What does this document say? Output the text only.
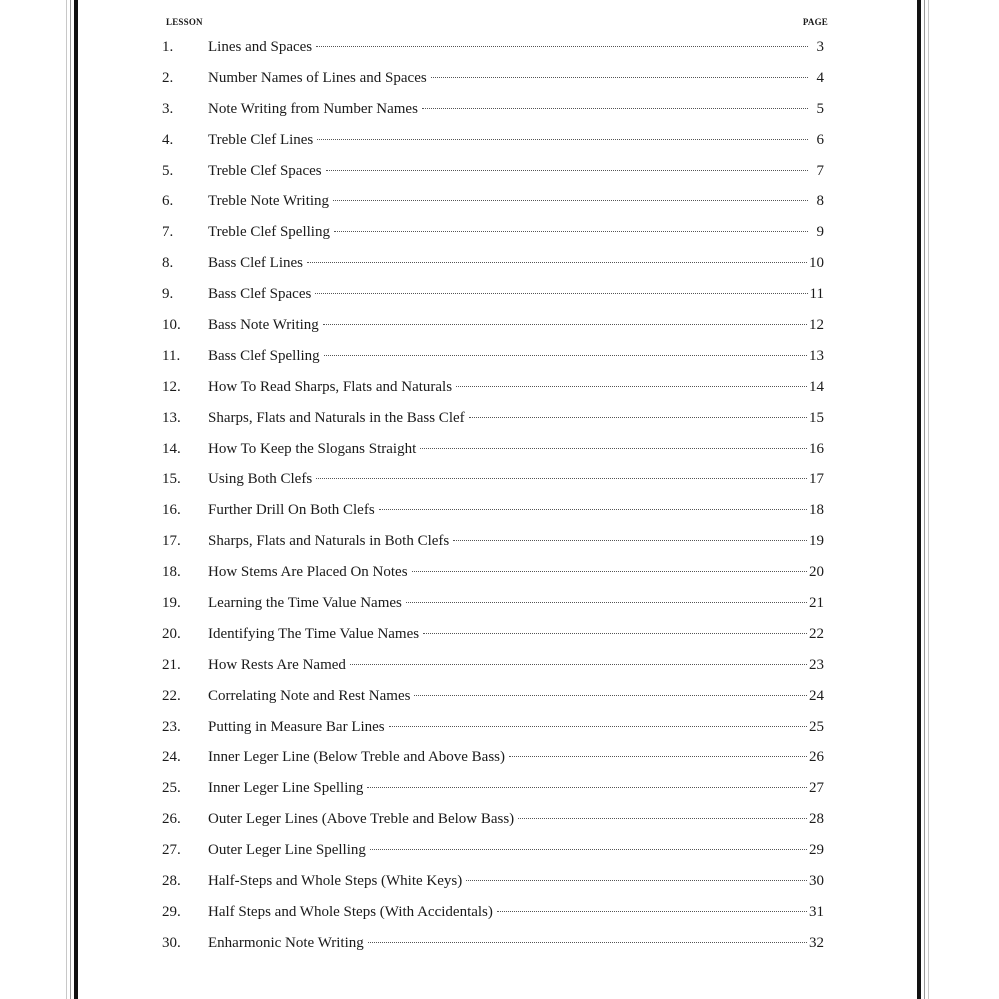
LESSON	PAGE
1.	Lines and Spaces	3
2.	Number Names of Lines and Spaces	4
3.	Note Writing from Number Names	5
4.	Treble Clef Lines	6
5.	Treble Clef Spaces	7
6.	Treble Note Writing	8
7.	Treble Clef Spelling	9
8.	Bass Clef Lines	10
9.	Bass Clef Spaces	11
10.	Bass Note Writing	12
11.	Bass Clef Spelling	13
12.	How To Read Sharps, Flats and Naturals	14
13.	Sharps, Flats and Naturals in the Bass Clef	15
14.	How To Keep the Slogans Straight	16
15.	Using Both Clefs	17
16.	Further Drill On Both Clefs	18
17.	Sharps, Flats and Naturals in Both Clefs	19
18.	How Stems Are Placed On Notes	20
19.	Learning the Time Value Names	21
20.	Identifying The Time Value Names	22
21.	How Rests Are Named	23
22.	Correlating Note and Rest Names	24
23.	Putting in Measure Bar Lines	25
24.	Inner Leger Line (Below Treble and Above Bass)	26
25.	Inner Leger Line Spelling	27
26.	Outer Leger Lines (Above Treble and Below Bass)	28
27.	Outer Leger Line Spelling	29
28.	Half-Steps and Whole Steps (White Keys)	30
29.	Half Steps and Whole Steps (With Accidentals)	31
30.	Enharmonic Note Writing	32
